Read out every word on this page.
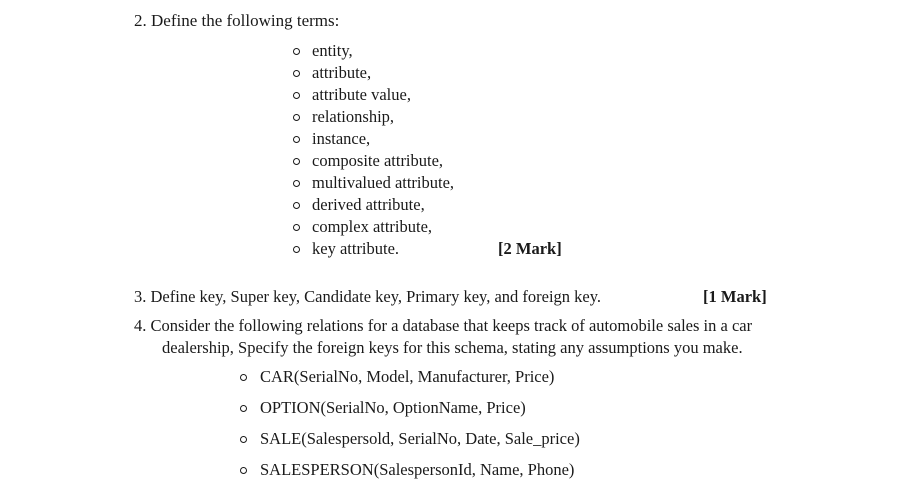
2. Define the following terms:
entity,
attribute,
attribute value,
relationship,
instance,
composite attribute,
multivalued attribute,
derived attribute,
complex attribute,
key attribute.	[2 Mark]
3. Define key, Super key, Candidate key, Primary key, and foreign key.	[1 Mark]
4. Consider the following relations for a database that keeps track of automobile sales in a car
dealership, Specify the foreign keys for this schema, stating any assumptions you make.
CAR(SerialNo, Model, Manufacturer, Price)
OPTION(SerialNo, OptionName, Price)
SALE(Salespersold, SerialNo, Date, Sale_price)
SALESPERSON(SalespersonId, Name, Phone)
